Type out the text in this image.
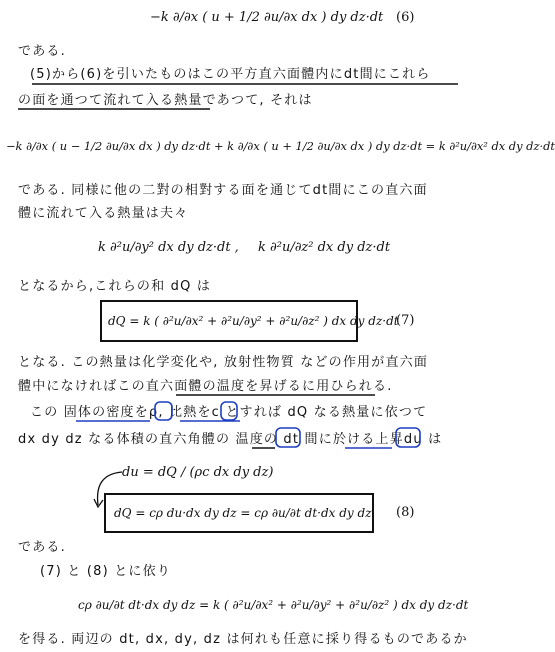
−k ∂/∂x ( u + 1/2 ∂u/∂x dx ) dy dz·dt (6)
である.
(5)から(6)を引いたものはこの平方直六面體内にdt間にこれら
の面を通つて流れて入る熱量であつて, それは
−k ∂/∂x ( u − 1/2 ∂u/∂x dx ) dy dz·dt + k ∂/∂x ( u + 1/2 ∂u/∂x dx ) dy dz·dt = k ∂²u/∂x² dx dy dz·dt
である. 同様に他の二對の相對する面を通じてdt間にこの直六面
體に流れて入る熱量は夫々
k ∂²u/∂y² dx dy dz·dt , k ∂²u/∂z² dx dy dz·dt
となるから,これらの和 dQ は
dQ = k ( ∂²u/∂x² + ∂²u/∂y² + ∂²u/∂z² ) dx dy dz·dt
(7)
となる. この熱量は化学変化や, 放射性物質 などの作用が直六面
體中になければこの直六面體の温度を昇げるに用ひられる.
この 固体の密度をρ, 比熱をc とすれば dQ なる熱量に依つて
dx dy dz なる体積の直六角體の 温度の dt 間に於ける上昇du は
du = dQ / (ρc dx dy dz)
dQ = cρ du·dx dy dz = cρ ∂u/∂t dt·dx dy dz (8)
である.
(7) と (8) とに依り
cρ ∂u/∂t dt·dx dy dz = k ( ∂²u/∂x² + ∂²u/∂y² + ∂²u/∂z² ) dx dy dz·dt
を得る. 両辺の dt, dx, dy, dz は何れも任意に採り得るものであるか
